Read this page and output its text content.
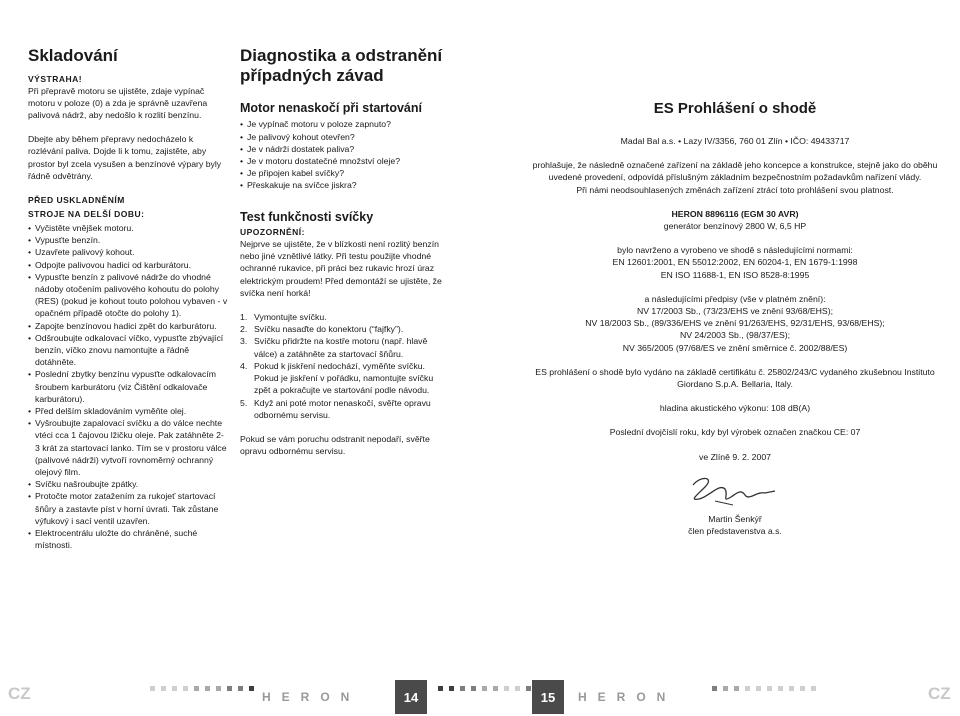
Skladování
VÝSTRAHA!

Při přepravě motoru se ujistěte, zdaje vypínač motoru v poloze (0) a zda je správně uzavřena palivová nádrž, aby nedošlo k rozlití benzínu.

Dbejte aby během přepravy nedocházelo k rozlévání paliva. Dojde li k tomu, zajistěte, aby prostor byl zcela vysušen a benzínové výpary byly řádně odvětrány.

PŘED USKLADNĚNÍM
STROJE NA DELŠÍ DOBU:
• Vyčistěte vnějšek motoru.
• Vypusťte benzín.
• Uzavřete palivový kohout.
• Odpojte palivovou hadici od karburátoru.
• Vypusťte benzín z palivové nádrže do vhodné nádoby otočením palivového kohoutu do polohy (RES) (pokud je kohout touto polohou vybaven - v opačném případě otočte do polohy 1).
• Zapojte benzínovou hadici zpět do karburátoru.
• Odšroubujte odkalovací víčko, vypusťte zbývající benzín, víčko znovu namontujte a řádně dotáhněte.
• Poslední zbytky benzínu vypusťte odkalovacím šroubem karburátoru (viz Čištění odkalovače karburátoru).
• Před delším skladováním vyměňte olej.
• Vyšroubujte zapalovací svíčku a do válce nechte vtéci cca 1 čajovou lžičku oleje. Pak zatáhněte 2-3 krát za startovací lanko. Tím se v prostoru válce (palivové nádrži) vytvoří rovnoměrný ochranný olejový film.
• Svíčku našroubujte zpátky.
• Protočte motor zatažením za rukojeť startovací šňůry a zastavte píst v horní úvrati. Tak zůstane výfukový i sací ventil uzavřen.
• Elektrocentrálu uložte do chráněné, suché místnosti.
Diagnostika a odstranění případných závad
Motor nenaskočí při startování
• Je vypínač motoru v poloze zapnuto?
• Je palivový kohout otevřen?
• Je v nádrži dostatek paliva?
• Je v motoru dostatečné množství oleje?
• Je připojen kabel svíčky?
• Přeskakuje na svíčce jiskra?
Test funkčnosti svíčky
UPOZORNĚNÍ:

Nejprve se ujistěte, že v blízkosti není rozlitý benzín nebo jiné vznětlivé látky. Při testu použijte vhodné ochranné rukavice, při práci bez rukavic hrozí úraz elektrickým proudem! Před demontáží se ujistěte, že svíčka není horká!

1. Vymontujte svíčku.
2. Svíčku nasaďte do konektoru (“fajfky”).
3. Svíčku přidržte na kostře motoru (např. hlavě válce) a zatáhněte za startovací šňůru.
4. Pokud k jiskření nedochází, vyměňte svíčku. Pokud je jiskření v pořádku, namontujte svíčku zpět a pokračujte ve startování podle návodu.
5. Když ani poté motor nenaskočí, svěřte opravu odbornému servisu.

Pokud se vám poruchu odstranit nepodaří, svěřte opravu odbornému servisu.

ES Prohlášení o shodě

Madal Bal a.s. • Lazy IV/3356, 760 01 Zlín • IČO: 49433717

prohlašuje, že následně označené zařízení na základě jeho koncepce a konstrukce, stejně jako do oběhu uvedené provedení, odpovídá příslušným základním bezpečnostním požadavkům nařízení vlády.

Při námi neodsouhlasených změnách zařízení ztrácí toto prohlášení svou platnost.

HERON 8896116 (EGM 30 AVR)

generátor benzínový 2800 W, 6,5 HP

bylo navrženo a vyrobeno ve shodě s následujícími normami:

EN 12601:2001, EN 55012:2002, EN 60204-1, EN 1679-1:1998

EN ISO 11688-1, EN ISO 8528-8:1995

a následujícími předpisy (vše v platném znění):

NV 17/2003 Sb., (73/23/EHS ve znění 93/68/EHS);

NV 18/2003 Sb., (89/336/EHS ve znění 91/263/EHS, 92/31/EHS, 93/68/EHS);

NV 24/2003 Sb., (98/37/ES);

NV 365/2005 (97/68/ES ve znění směrnice č. 2002/88/ES)

ES prohlášení o shodě bylo vydáno na základě certifikátu č. 25802/243/C vydaného zkušebnou Instituto Giordano S.p.A. Bellaria, Italy.

hladina akustického výkonu: 108 dB(A)

Poslední dvojčíslí roku, kdy byl výrobek označen značkou CE: 07

ve Zlíně 9. 2. 2007

Martin Šenkýř

člen představenstva a.s.

CZ	HERON	14	15	HERON	CZ
